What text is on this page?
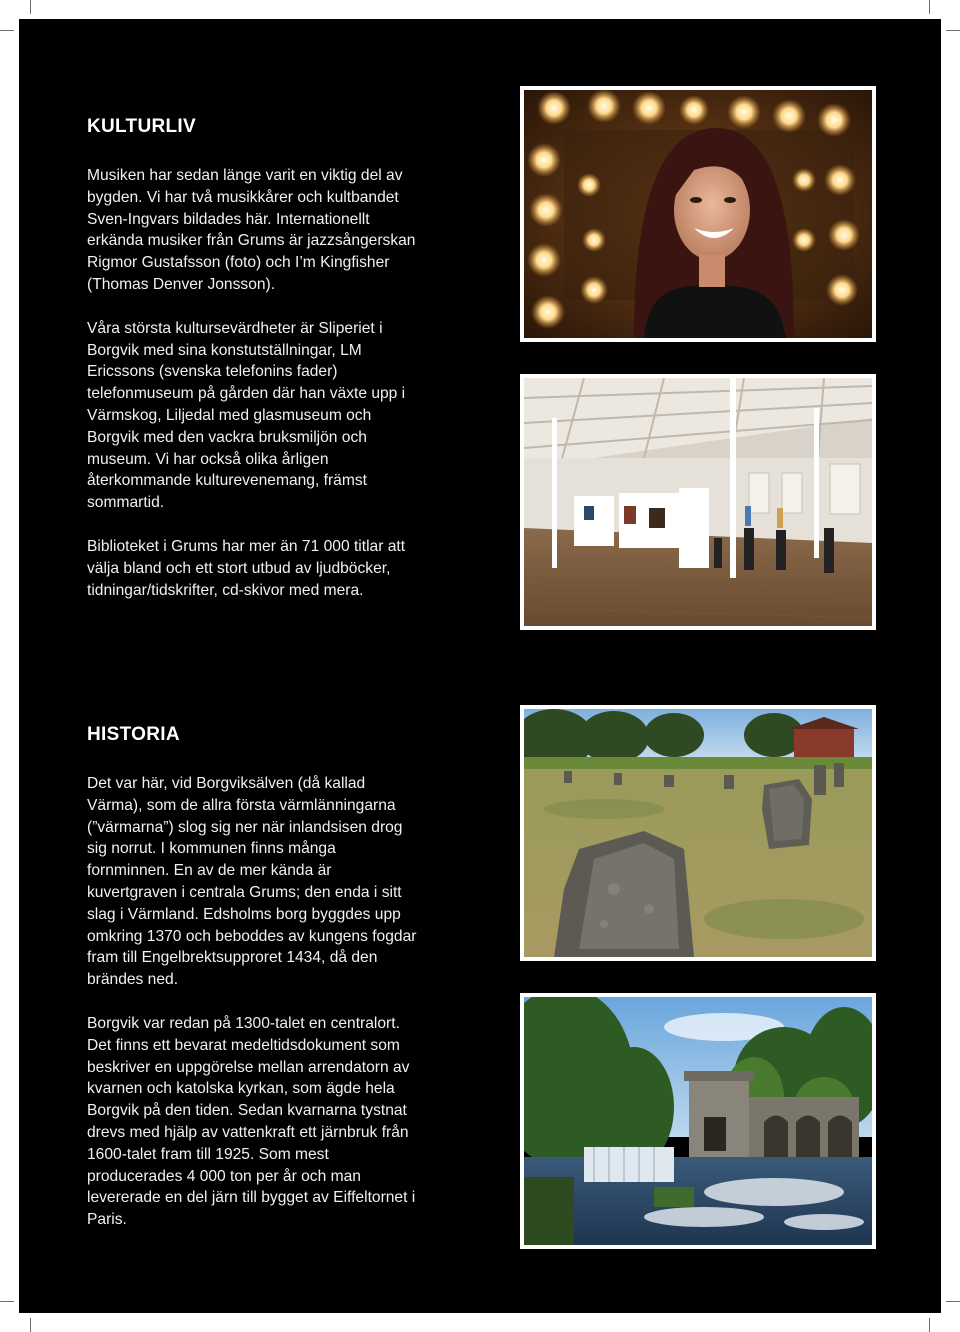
KULTURLIV

Musiken har sedan länge varit en viktig del av bygden. Vi har två musikkårer och kultbandet Sven-Ingvars bildades här. Internationellt erkända musiker från Grums är jazzsångerskan Rigmor Gustafsson (foto) och I’m Kingfisher (Thomas Denver Jonsson).

Våra största kultursevärdheter är Sliperiet i Borgvik med sina konstutställningar, LM Ericssons (svenska telefonins fader) telefonmuseum på gården där han växte upp i Värmskog, Liljedal med glasmuseum och Borgvik med den vackra bruksmiljön och museum. Vi har också olika årligen återkommande kulturevenemang, främst sommartid.

Biblioteket i Grums har mer än 71 000 titlar att välja bland och ett stort utbud av ljudböcker, tidningar/tidskrifter, cd-skivor med mera.

HISTORIA

Det var här, vid Borgviksälven (då kallad Värma), som de allra första värmlänningarna (”värmarna”) slog sig ner när inlandsisen drog sig norrut. I kommunen finns många fornminnen. En av de mer kända är kuvertgraven i centrala Grums; den enda i sitt slag i Värmland. Edsholms borg byggdes upp omkring 1370 och beboddes av kungens fogdar fram till Engelbrektsupproret 1434, då den brändes ned.

Borgvik var redan på 1300-talet en centralort. Det finns ett bevarat medeltidsdokument som beskriver en uppgörelse mellan arrendatorn av kvarnen och katolska kyrkan, som ägde hela Borgvik på den tiden. Sedan kvarnarna tystnat drevs med hjälp av vattenkraft ett järnbruk från 1600-talet fram till 1925. Som mest producerades 4 000 ton per år och man levererade en del järn till bygget av Eiffeltornet i Paris.
